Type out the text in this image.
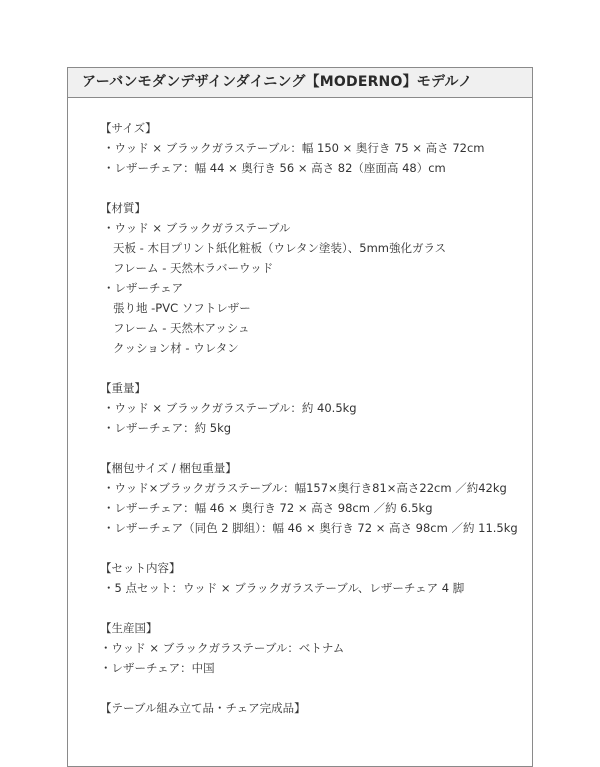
アーバンモダンデザインダイニング【MODERNO】モデルノ
【サイズ】
・ウッド × ブラックガラステーブル：幅 150 × 奥行き 75 × 高さ 72cm
・レザーチェア：幅 44 × 奥行き 56 × 高さ 82（座面高 48）cm
【材質】
・ウッド × ブラックガラステーブル
天板 - 木目プリント紙化粧板（ウレタン塗装）、5mm強化ガラス
フレーム - 天然木ラバーウッド
・レザーチェア
張り地 -PVC ソフトレザー
フレーム - 天然木アッシュ
クッション材 - ウレタン
【重量】
・ウッド × ブラックガラステーブル：約 40.5kg
・レザーチェア：約 5kg
【梱包サイズ / 梱包重量】
・ウッド×ブラックガラステーブル：幅157×奥行き81×高さ22cm ／約42kg
・レザーチェア：幅 46 × 奥行き 72 × 高さ 98cm ／約 6.5kg
・レザーチェア（同色 2 脚組）：幅 46 × 奥行き 72 × 高さ 98cm ／約 11.5kg
【セット内容】
・5 点セット：ウッド × ブラックガラステーブル、レザーチェア 4 脚
【生産国】
・ウッド × ブラックガラステーブル：ベトナム
・レザーチェア：中国
【テーブル組み立て品・チェア完成品】
